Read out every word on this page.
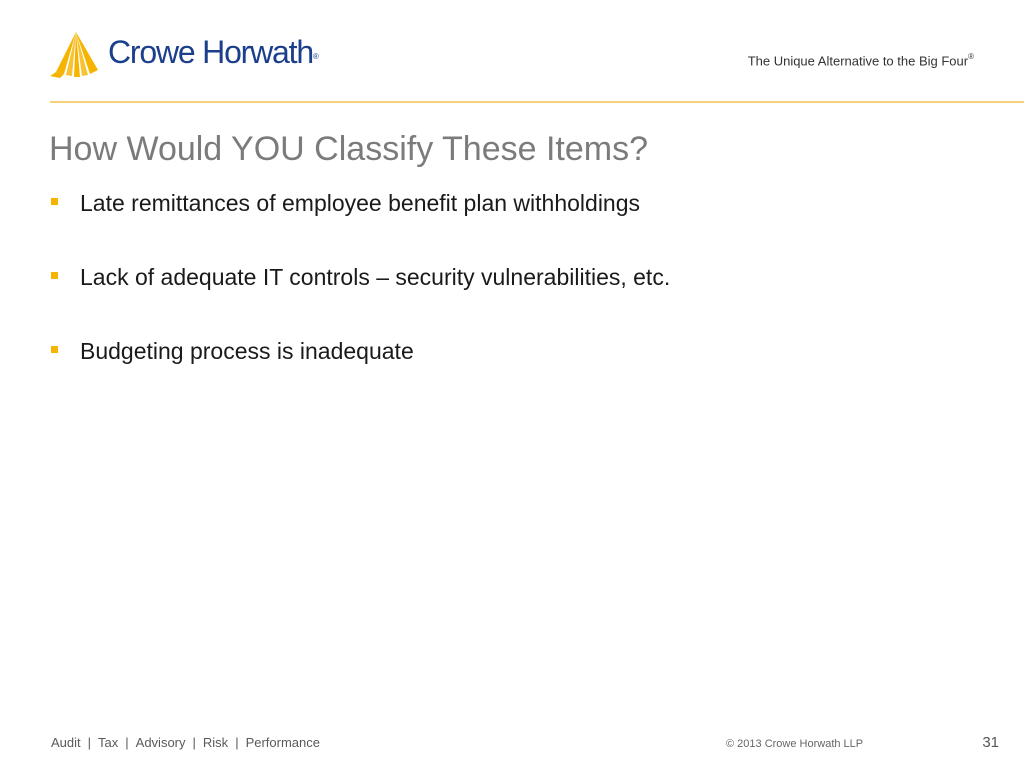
Crowe Horwath®	The Unique Alternative to the Big Four®
How Would YOU Classify These Items?
Late remittances of employee benefit plan withholdings
Lack of adequate IT controls – security vulnerabilities, etc.
Budgeting process is inadequate
Audit | Tax | Advisory | Risk | Performance	© 2013 Crowe Horwath LLP	31
